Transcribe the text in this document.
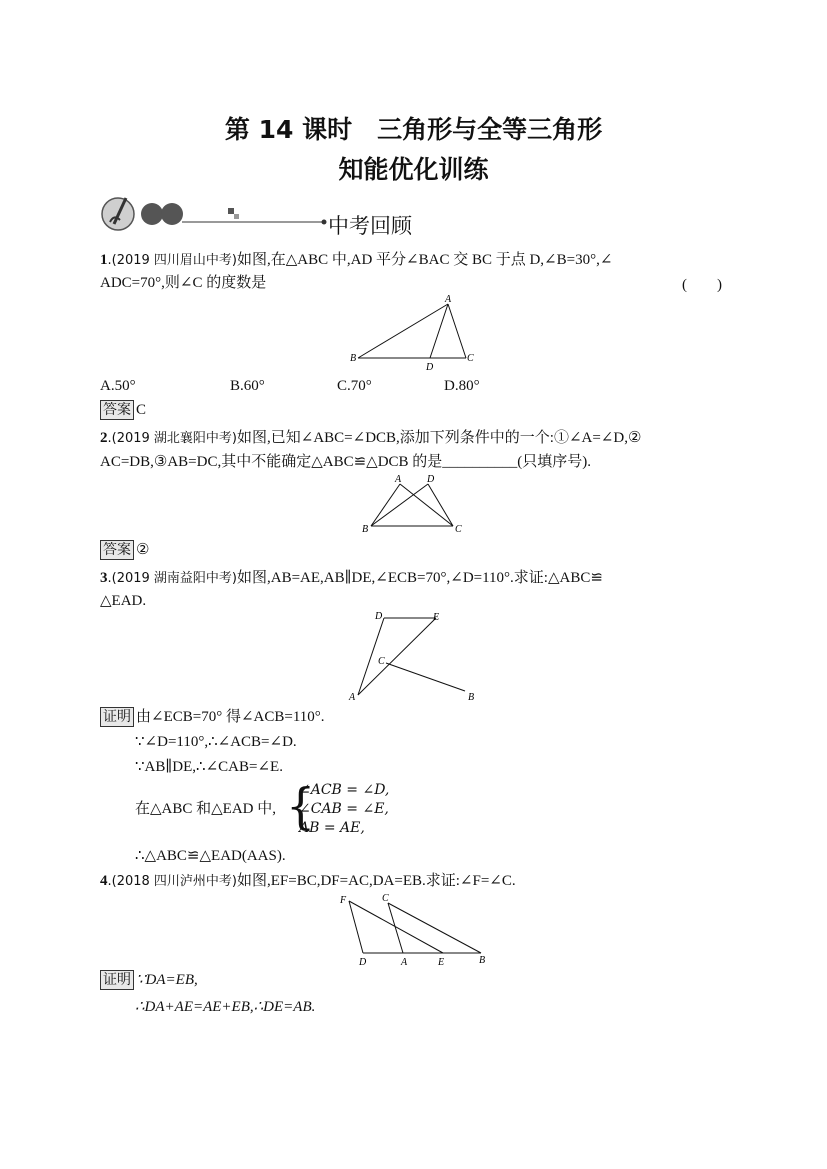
第 14 课时　三角形与全等三角形
知能优化训练
中考回顾
1.(2019 四川眉山中考)如图,在△ABC 中,AD 平分∠BAC 交 BC 于点 D,∠B=30°,∠
ADC=70°,则∠C 的度数是	(　　)
A
B	C
D
A.50°	B.60°	C.70°	D.80°
答案 C
2.(2019 湖北襄阳中考)如图,已知∠ABC=∠DCB,添加下列条件中的一个:①∠A=∠D,②
AC=DB,③AB=DC,其中不能确定△ABC≌△DCB 的是__________(只填序号).
A	D
B	C
答案 ②
3.(2019 湖南益阳中考)如图,AB=AE,AB∥DE,∠ECB=70°,∠D=110°.求证:△ABC≌
△EAD.
D	E
C
A	B
证明 由∠ECB=70° 得∠ACB=110°.
∵∠D=110°,∴∠ACB=∠D.
∵AB∥DE,∴∠CAB=∠E.
在△ABC 和△EAD 中, {
∠ACB = ∠D,
∠CAB = ∠E,
AB = AE,
∴△ABC≌△EAD(AAS).
4.(2018 四川泸州中考)如图,EF=BC,DF=AC,DA=EB.求证:∠F=∠C.
F	C
D	A	E	B
证明 ∵DA=EB,
∴DA+AE=AE+EB,∴DE=AB.
